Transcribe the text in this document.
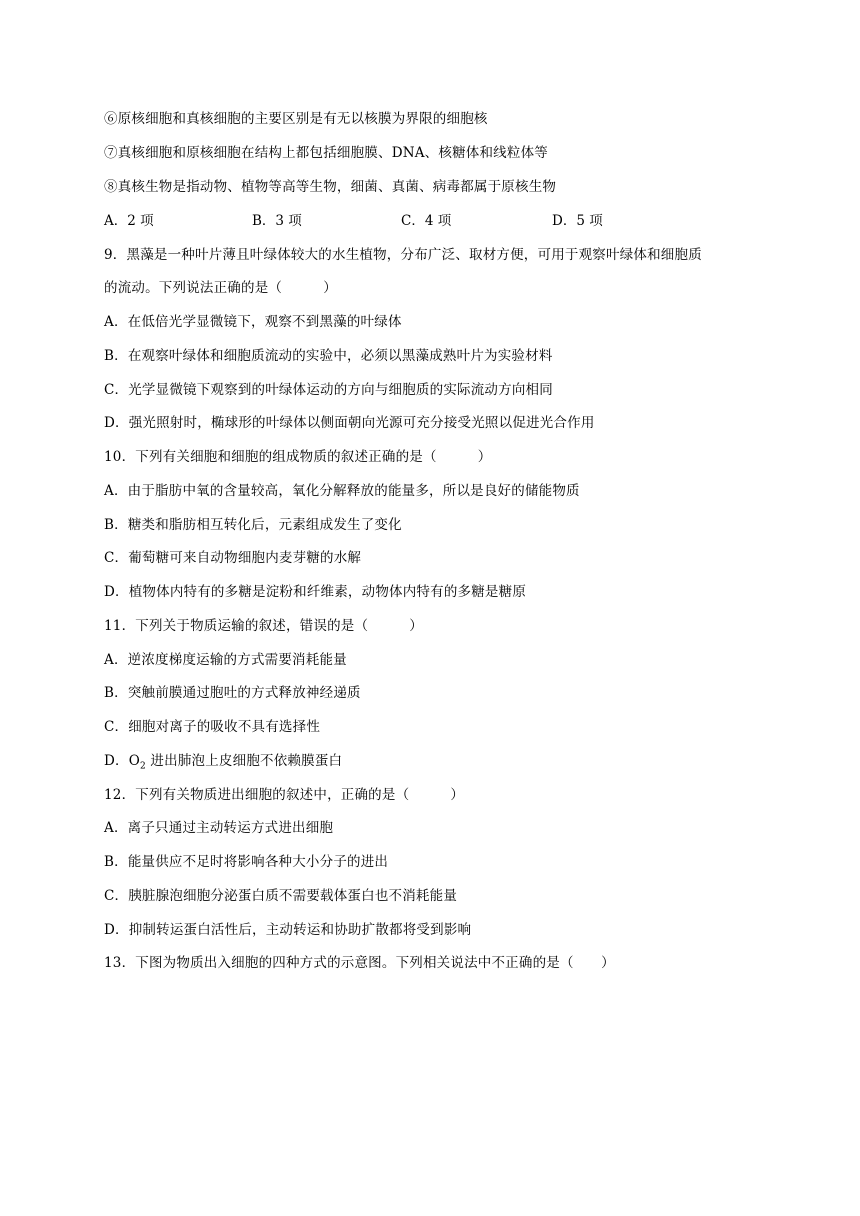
⑥原核细胞和真核细胞的主要区别是有无以核膜为界限的细胞核
⑦真核细胞和原核细胞在结构上都包括细胞膜、DNA、核糖体和线粒体等
⑧真核生物是指动物、植物等高等生物，细菌、真菌、病毒都属于原核生物
A．2 项	B．3 项	C．4 项	D．5 项
9．黑藻是一种叶片薄且叶绿体较大的水生植物，分布广泛、取材方便，可用于观察叶绿体和细胞质
的流动。下列说法正确的是（　　　）
A．在低倍光学显微镜下，观察不到黑藻的叶绿体
B．在观察叶绿体和细胞质流动的实验中，必须以黑藻成熟叶片为实验材料
C．光学显微镜下观察到的叶绿体运动的方向与细胞质的实际流动方向相同
D．强光照射时，椭球形的叶绿体以侧面朝向光源可充分接受光照以促进光合作用
10．下列有关细胞和细胞的组成物质的叙述正确的是（　　　）
A．由于脂肪中氧的含量较高，氧化分解释放的能量多，所以是良好的储能物质
B．糖类和脂肪相互转化后，元素组成发生了变化
C．葡萄糖可来自动物细胞内麦芽糖的水解
D．植物体内特有的多糖是淀粉和纤维素，动物体内特有的多糖是糖原
11．下列关于物质运输的叙述，错误的是（　　　）
A．逆浓度梯度运输的方式需要消耗能量
B．突触前膜通过胞吐的方式释放神经递质
C．细胞对离子的吸收不具有选择性
D．$O_2$ 进出肺泡上皮细胞不依赖膜蛋白
12．下列有关物质进出细胞的叙述中，正确的是（　　　）
A．离子只通过主动转运方式进出细胞
B．能量供应不足时将影响各种大小分子的进出
C．胰脏腺泡细胞分泌蛋白质不需要载体蛋白也不消耗能量
D．抑制转运蛋白活性后，主动转运和协助扩散都将受到影响
13．下图为物质出入细胞的四种方式的示意图。下列相关说法中不正确的是（　　）
